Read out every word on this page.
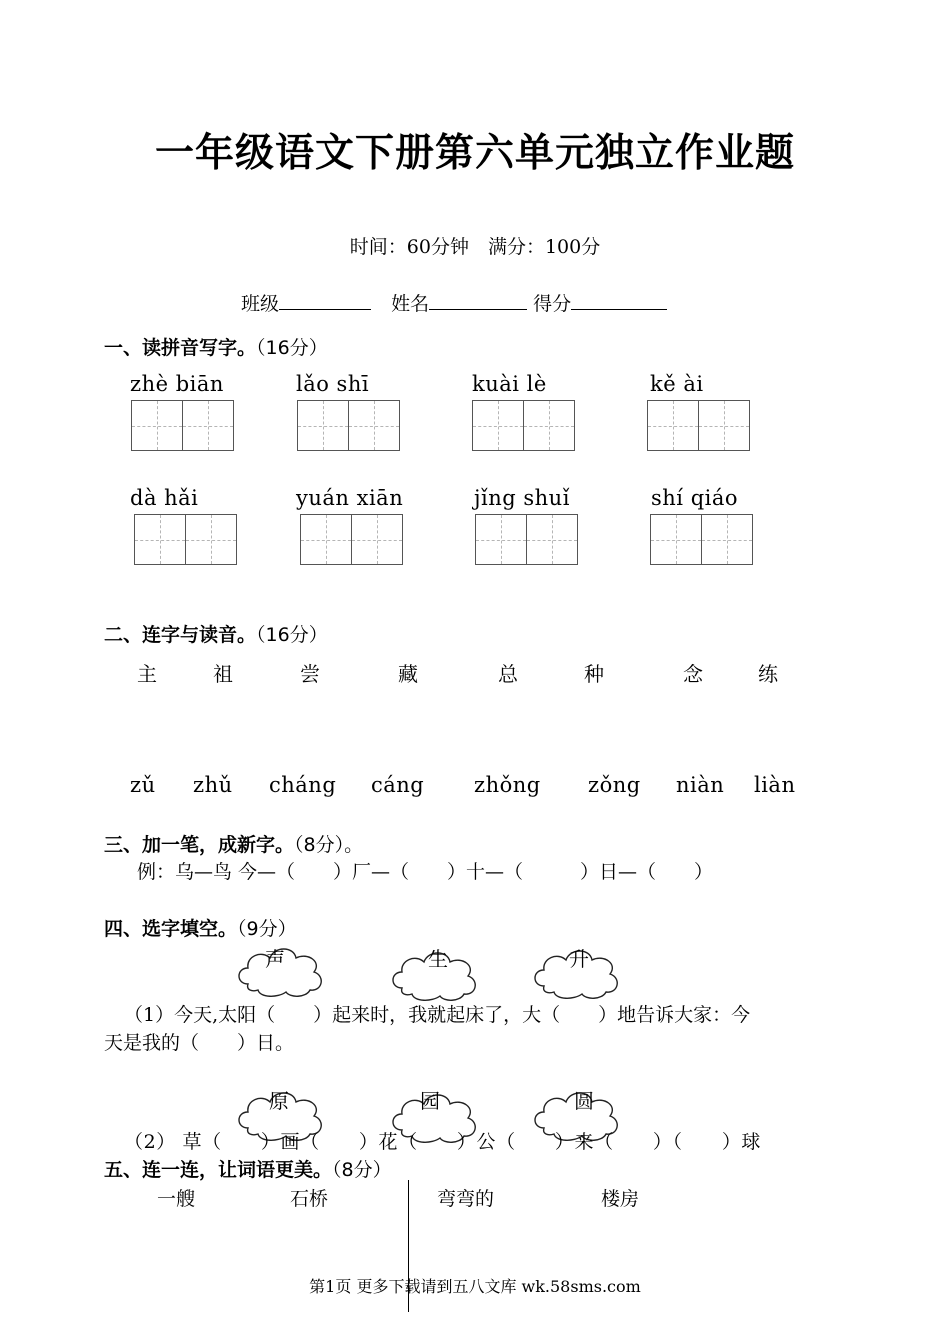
一年级语文下册第六单元独立作业题
时间：60分钟　满分：100分
班级	姓名	得分
一、读拼音写字。（16分）
zhè biān	lǎo shī	kuài lè	kě ài
dà hǎi	yuán xiān	jǐng shuǐ	shí qiáo
二、连字与读音。（16分）
主	祖	尝	藏	总	种	念	练
zǔ zhǔ cháng cáng zhǒng zǒng niàn liàn
三、加一笔，成新字。（8分）。
例：乌—鸟 今—（　　）厂—（　　）十—（　　　）日—（　　）
四、选字填空。（9分）
声	生	升
（1）今天,太阳（　　）起来时，我就起床了，大（　　）地告诉大家：今
天是我的（　　）日。
原	园	圆
（2） 草（　　）画（　　）花（　　）公（　　）来（　　）（　　）球
五、连一连，让词语更美。（8分）
一艘	石桥	弯弯的	楼房
第1页 更多下载请到五八文库 wk.58sms.com
